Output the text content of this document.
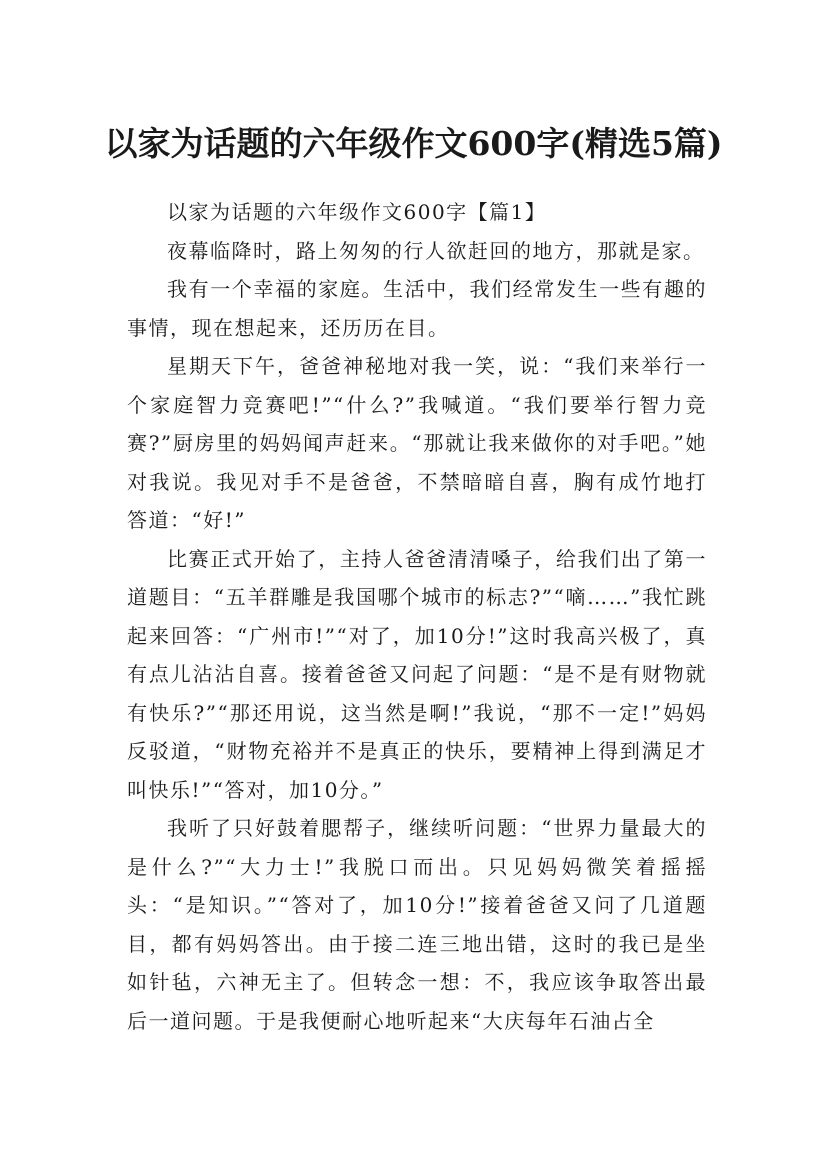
以家为话题的六年级作文600字(精选5篇)

以家为话题的六年级作文600字【篇1】

夜幕临降时，路上匆匆的行人欲赶回的地方，那就是家。

我有一个幸福的家庭。生活中，我们经常发生一些有趣的事情，现在想起来，还历历在目。

星期天下午，爸爸神秘地对我一笑，说：“我们来举行一个家庭智力竞赛吧!”“什么?”我喊道。“我们要举行智力竞赛?”厨房里的妈妈闻声赶来。“那就让我来做你的对手吧。”她对我说。我见对手不是爸爸，不禁暗暗自喜，胸有成竹地打答道：“好!”

比赛正式开始了，主持人爸爸清清嗓子，给我们出了第一道题目：“五羊群雕是我国哪个城市的标志?”“嘀……”我忙跳起来回答：“广州市!”“对了，加10分!”这时我高兴极了，真有点儿沾沾自喜。接着爸爸又问起了问题：“是不是有财物就有快乐?”“那还用说，这当然是啊!”我说，“那不一定!”妈妈反驳道，“财物充裕并不是真正的快乐，要精神上得到满足才叫快乐!”“答对，加10分。”

我听了只好鼓着腮帮子，继续听问题：“世界力量最大的是什么?”“大力士!”我脱口而出。只见妈妈微笑着摇摇头：“是知识。”“答对了，加10分!”接着爸爸又问了几道题目，都有妈妈答出。由于接二连三地出错，这时的我已是坐如针毡，六神无主了。但转念一想：不，我应该争取答出最后一道问题。于是我便耐心地听起来“大庆每年石油占全
